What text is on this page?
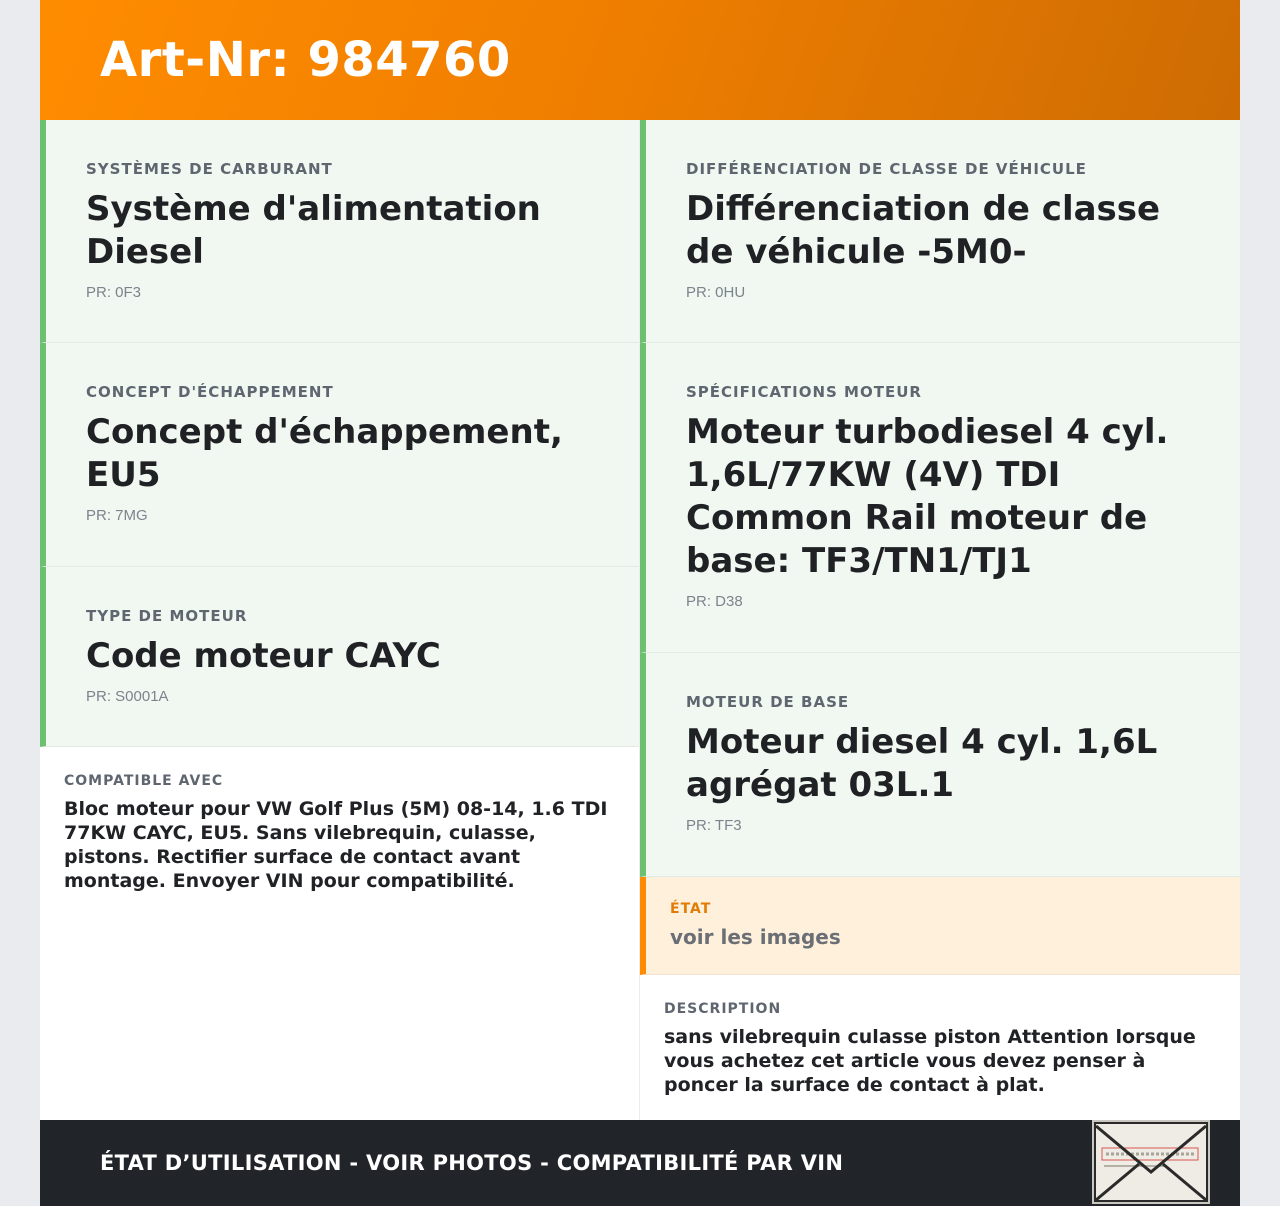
Art-Nr: 984760
SYSTÈMES DE CARBURANT
Système d'alimentation Diesel
PR: 0F3
CONCEPT D'ÉCHAPPEMENT
Concept d'échappement, EU5
PR: 7MG
TYPE DE MOTEUR
Code moteur CAYC
PR: S0001A
COMPATIBLE AVEC
Bloc moteur pour VW Golf Plus (5M) 08-14, 1.6 TDI 77KW CAYC, EU5. Sans vilebrequin, culasse, pistons. Rectifier surface de contact avant montage. Envoyer VIN pour compatibilité.
DIFFÉRENCIATION DE CLASSE DE VÉHICULE
Différenciation de classe de véhicule -5M0-
PR: 0HU
SPÉCIFICATIONS MOTEUR
Moteur turbodiesel 4 cyl. 1,6L/77KW (4V) TDI Common Rail moteur de base: TF3/TN1/TJ1
PR: D38
MOTEUR DE BASE
Moteur diesel 4 cyl. 1,6L agrégat 03L.1
PR: TF3
ÉTAT
voir les images
DESCRIPTION
sans vilebrequin culasse piston Attention lorsque vous achetez cet article vous devez penser à poncer la surface de contact à plat.
ÉTAT D’UTILISATION - VOIR PHOTOS - COMPATIBILITÉ PAR VIN
